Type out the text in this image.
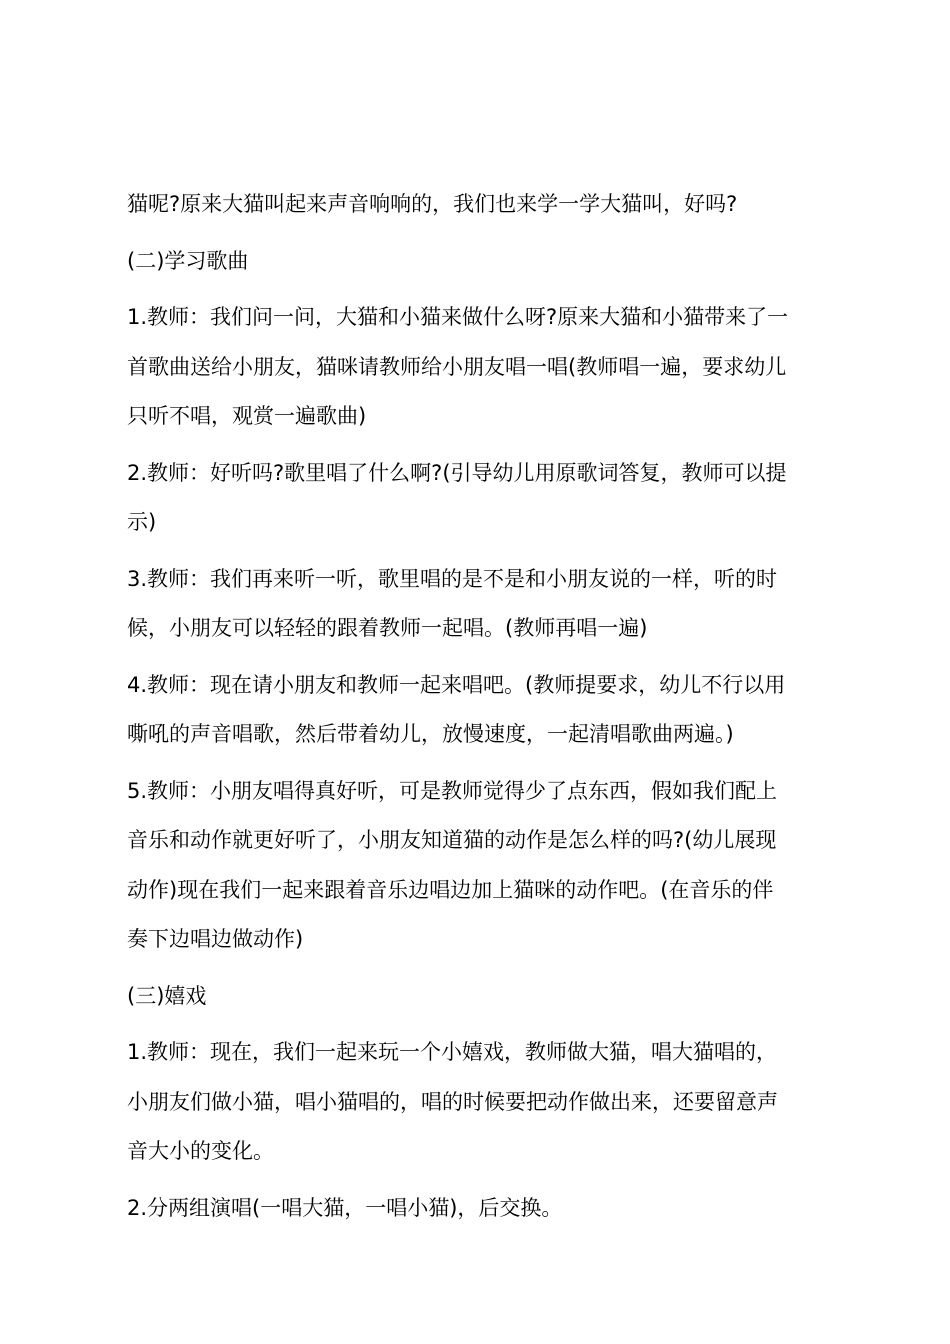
猫呢?原来大猫叫起来声音响响的，我们也来学一学大猫叫，好吗?
(二)学习歌曲
1.教师：我们问一问，大猫和小猫来做什么呀?原来大猫和小猫带来了一
首歌曲送给小朋友，猫咪请教师给小朋友唱一唱(教师唱一遍，要求幼儿
只听不唱，观赏一遍歌曲)
2.教师：好听吗?歌里唱了什么啊?(引导幼儿用原歌词答复，教师可以提
示)
3.教师：我们再来听一听，歌里唱的是不是和小朋友说的一样，听的时
候，小朋友可以轻轻的跟着教师一起唱。(教师再唱一遍)
4.教师：现在请小朋友和教师一起来唱吧。(教师提要求，幼儿不行以用
嘶吼的声音唱歌，然后带着幼儿，放慢速度，一起清唱歌曲两遍。)
5.教师：小朋友唱得真好听，可是教师觉得少了点东西，假如我们配上
音乐和动作就更好听了，小朋友知道猫的动作是怎么样的吗?(幼儿展现
动作)现在我们一起来跟着音乐边唱边加上猫咪的动作吧。(在音乐的伴
奏下边唱边做动作)
(三)嬉戏
1.教师：现在，我们一起来玩一个小嬉戏，教师做大猫，唱大猫唱的，
小朋友们做小猫，唱小猫唱的，唱的时候要把动作做出来，还要留意声
音大小的变化。
2.分两组演唱(一唱大猫，一唱小猫)，后交换。
